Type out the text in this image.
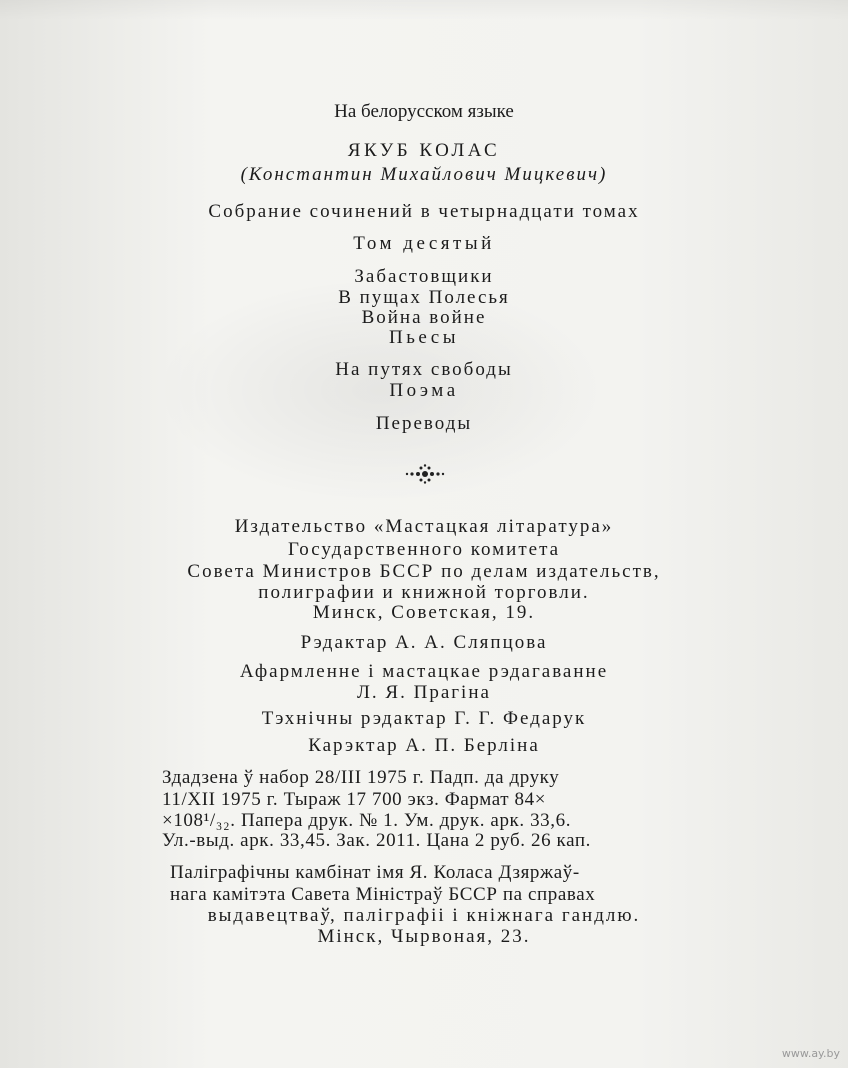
На белорусском языке
ЯКУБ КОЛАС
(Константин Михайлович Мицкевич)
Собрание сочинений в четырнадцати томах
Том десятый
Забастовщики
В пущах Полесья
Война войне
Пьесы
На путях свободы
Поэма
Переводы
Издательство «Мастацкая літаратура»
Государственного комитета
Совета Министров БССР по делам издательств,
полиграфии и книжной торговли.
Минск, Советская, 19.
Рэдактар А. А. Сляпцова
Афармленне і мастацкае рэдагаванне
Л. Я. Прагіна
Тэхнічны рэдактар Г. Г. Федарук
Карэктар А. П. Берліна
Здадзена ў набор 28/III 1975 г. Падп. да друку
11/XII 1975 г. Тыраж 17 700 экз. Фармат 84×
×108¹/₃₂. Папера друк. № 1. Ум. друк. арк. 33,6.
Ул.-выд. арк. 33,45. Зак. 2011. Цана 2 руб. 26 кап.
Паліграфічны камбінат імя Я. Коласа Дзяржаў-
нага камітэта Савета Міністраў БССР па справах
выдавецтваў, паліграфіі і кніжнага гандлю.
Мінск, Чырвоная, 23.
www.ay.by
